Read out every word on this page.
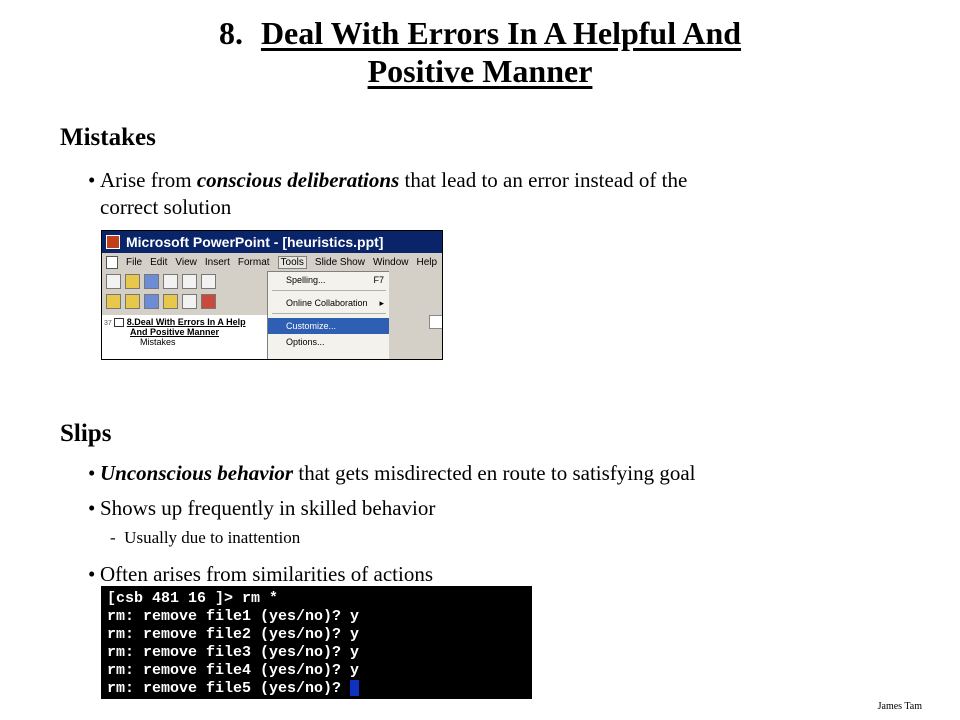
8. Deal With Errors In A Helpful And
Positive Manner
Mistakes
• Arise from conscious deliberations that lead to an error instead of the
correct solution
Microsoft PowerPoint - [heuristics.ppt]
File Edit View Insert Format	Tools	Slide Show Window Help
37 8.Deal With Errors In A Help
And Positive Manner
Mistakes
Spelling...	F7
Online Collaboration ▸
Customize...
Options...
Slips
• Unconscious behavior that gets misdirected en route to satisfying goal
• Shows up frequently in skilled behavior
-  Usually due to inattention
• Often arises from similarities of actions
[csb 481 16 ]> rm *
rm: remove file1 (yes/no)? y
rm: remove file2 (yes/no)? y
rm: remove file3 (yes/no)? y
rm: remove file4 (yes/no)? y
rm: remove file5 (yes/no)?
James Tam
